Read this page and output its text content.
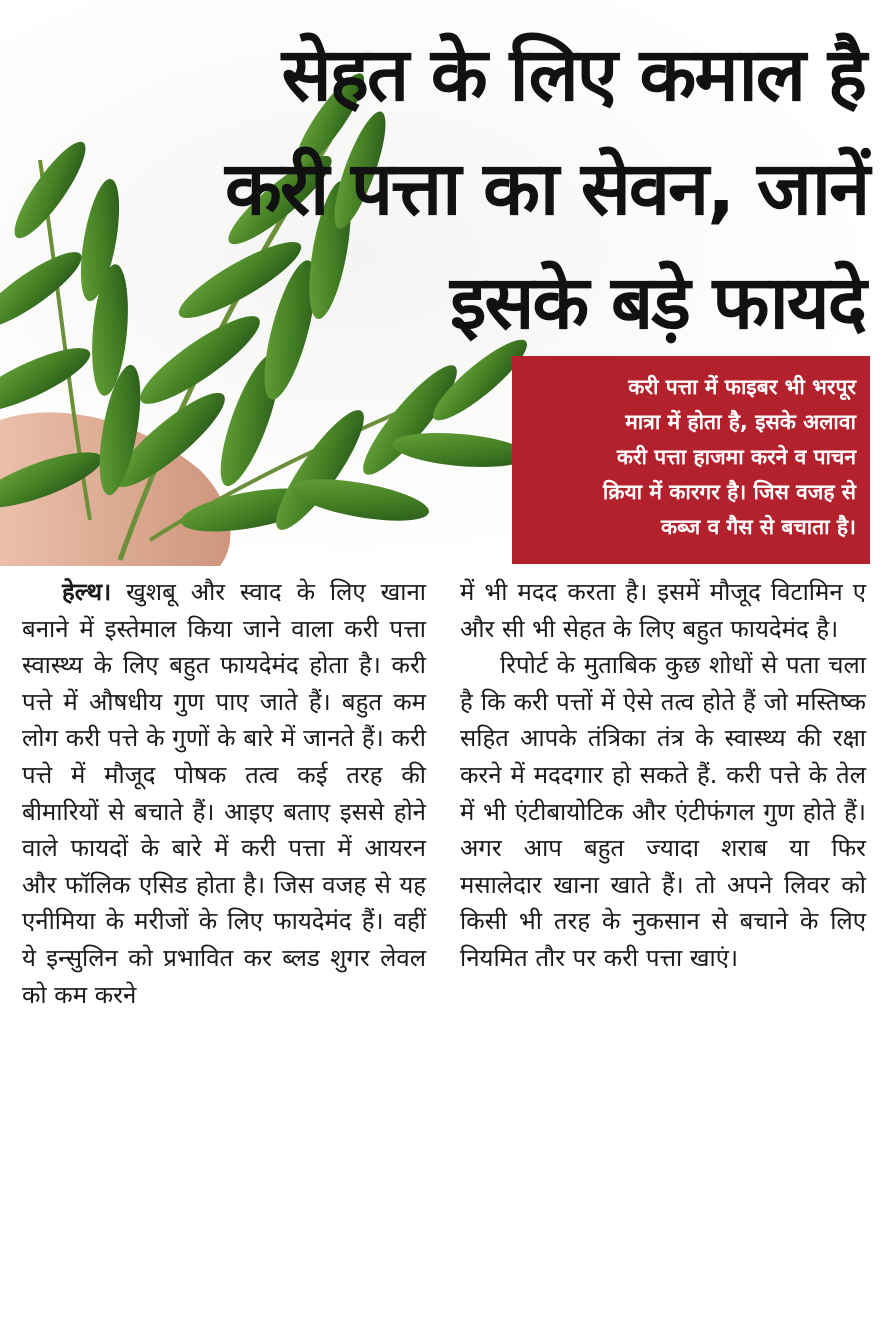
सेहत के लिए कमाल है
करी पत्ता का सेवन, जानें
इसके बड़े फायदे
करी पत्ता में फाइबर भी भरपूर
मात्रा में होता है, इसके अलावा
करी पत्ता हाजमा करने व पाचन
क्रिया में कारगर है। जिस वजह से
कब्ज व गैस से बचाता है।

हेल्थ। खुशबू और स्वाद के लिए खाना बनाने में इस्तेमाल किया जाने वाला करी पत्ता स्वास्थ्य के लिए बहुत फायदेमंद होता है। करी पत्ते में औषधीय गुण पाए जाते हैं। बहुत कम लोग करी पत्ते के गुणों के बारे में जानते हैं। करी पत्ते में मौजूद पोषक तत्व कई तरह की बीमारियों से बचाते हैं। आइए बताए इससे होने वाले फायदों के बारे में करी पत्ता में आयरन और फॉलिक एसिड होता है। जिस वजह से यह एनीमिया के मरीजों के लिए फायदेमंद हैं। वहीं ये इन्सुलिन को प्रभावित कर ब्लड शुगर लेवल को कम करने

में भी मदद करता है। इसमें मौजूद विटामिन ए और सी भी सेहत के लिए बहुत फायदेमंद है।

रिपोर्ट के मुताबिक कुछ शोधों से पता चला है कि करी पत्तों में ऐसे तत्व होते हैं जो मस्तिष्क सहित आपके तंत्रिका तंत्र के स्वास्थ्य की रक्षा करने में मददगार हो सकते हैं. करी पत्ते के तेल में भी एंटीबायोटिक और एंटीफंगल गुण होते हैं। अगर आप बहुत ज्यादा शराब या फिर मसालेदार खाना खाते हैं। तो अपने लिवर को किसी भी तरह के नुकसान से बचाने के लिए नियमित तौर पर करी पत्ता खाएं।
